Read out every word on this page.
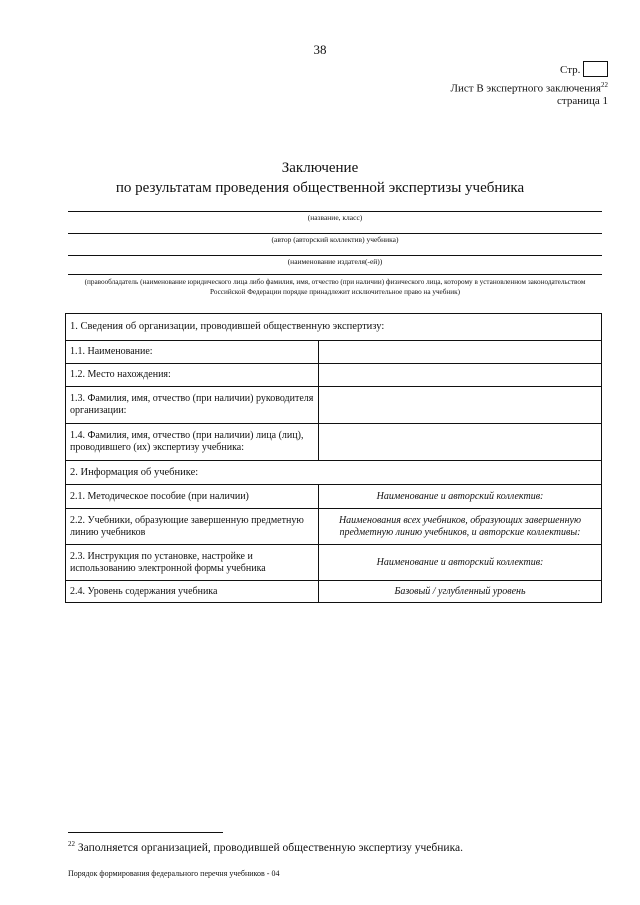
38
Стр.
Лист В экспертного заключения$^{22}$
страница 1
Заключение
по результатам проведения общественной экспертизы учебника
(название, класс)
(автор (авторский коллектив) учебника)
(наименование издателя(-ей))
(правообладатель (наименование юридического лица либо фамилия, имя, отчество (при наличии) физического лица, которому в установленном законодательством Российской Федерации порядке принадлежит исключительное право на учебник)
1. Сведения об организации, проводившей общественную экспертизу:	
1.1. Наименование:	
1.2. Место нахождения:	
1.3. Фамилия, имя, отчество (при наличии) руководителя организации:	
1.4. Фамилия, имя, отчество (при наличии) лица (лиц), проводившего (их) экспертизу учебника:	
2. Информация об учебнике:	
2.1. Методическое пособие (при наличии)	Наименование и авторский коллектив:
2.2. Учебники, образующие завершенную предметную линию учебников	Наименования всех учебников, образующих завершенную предметную линию учебников, и авторские коллективы:
2.3. Инструкция по установке, настройке и использованию электронной формы учебника	Наименование и авторский коллектив:
2.4. Уровень содержания учебника	Базовый / углубленный уровень
$^{22}$ Заполняется организацией, проводившей общественную экспертизу учебника.
Порядок формирования федерального перечня учебников - 04
